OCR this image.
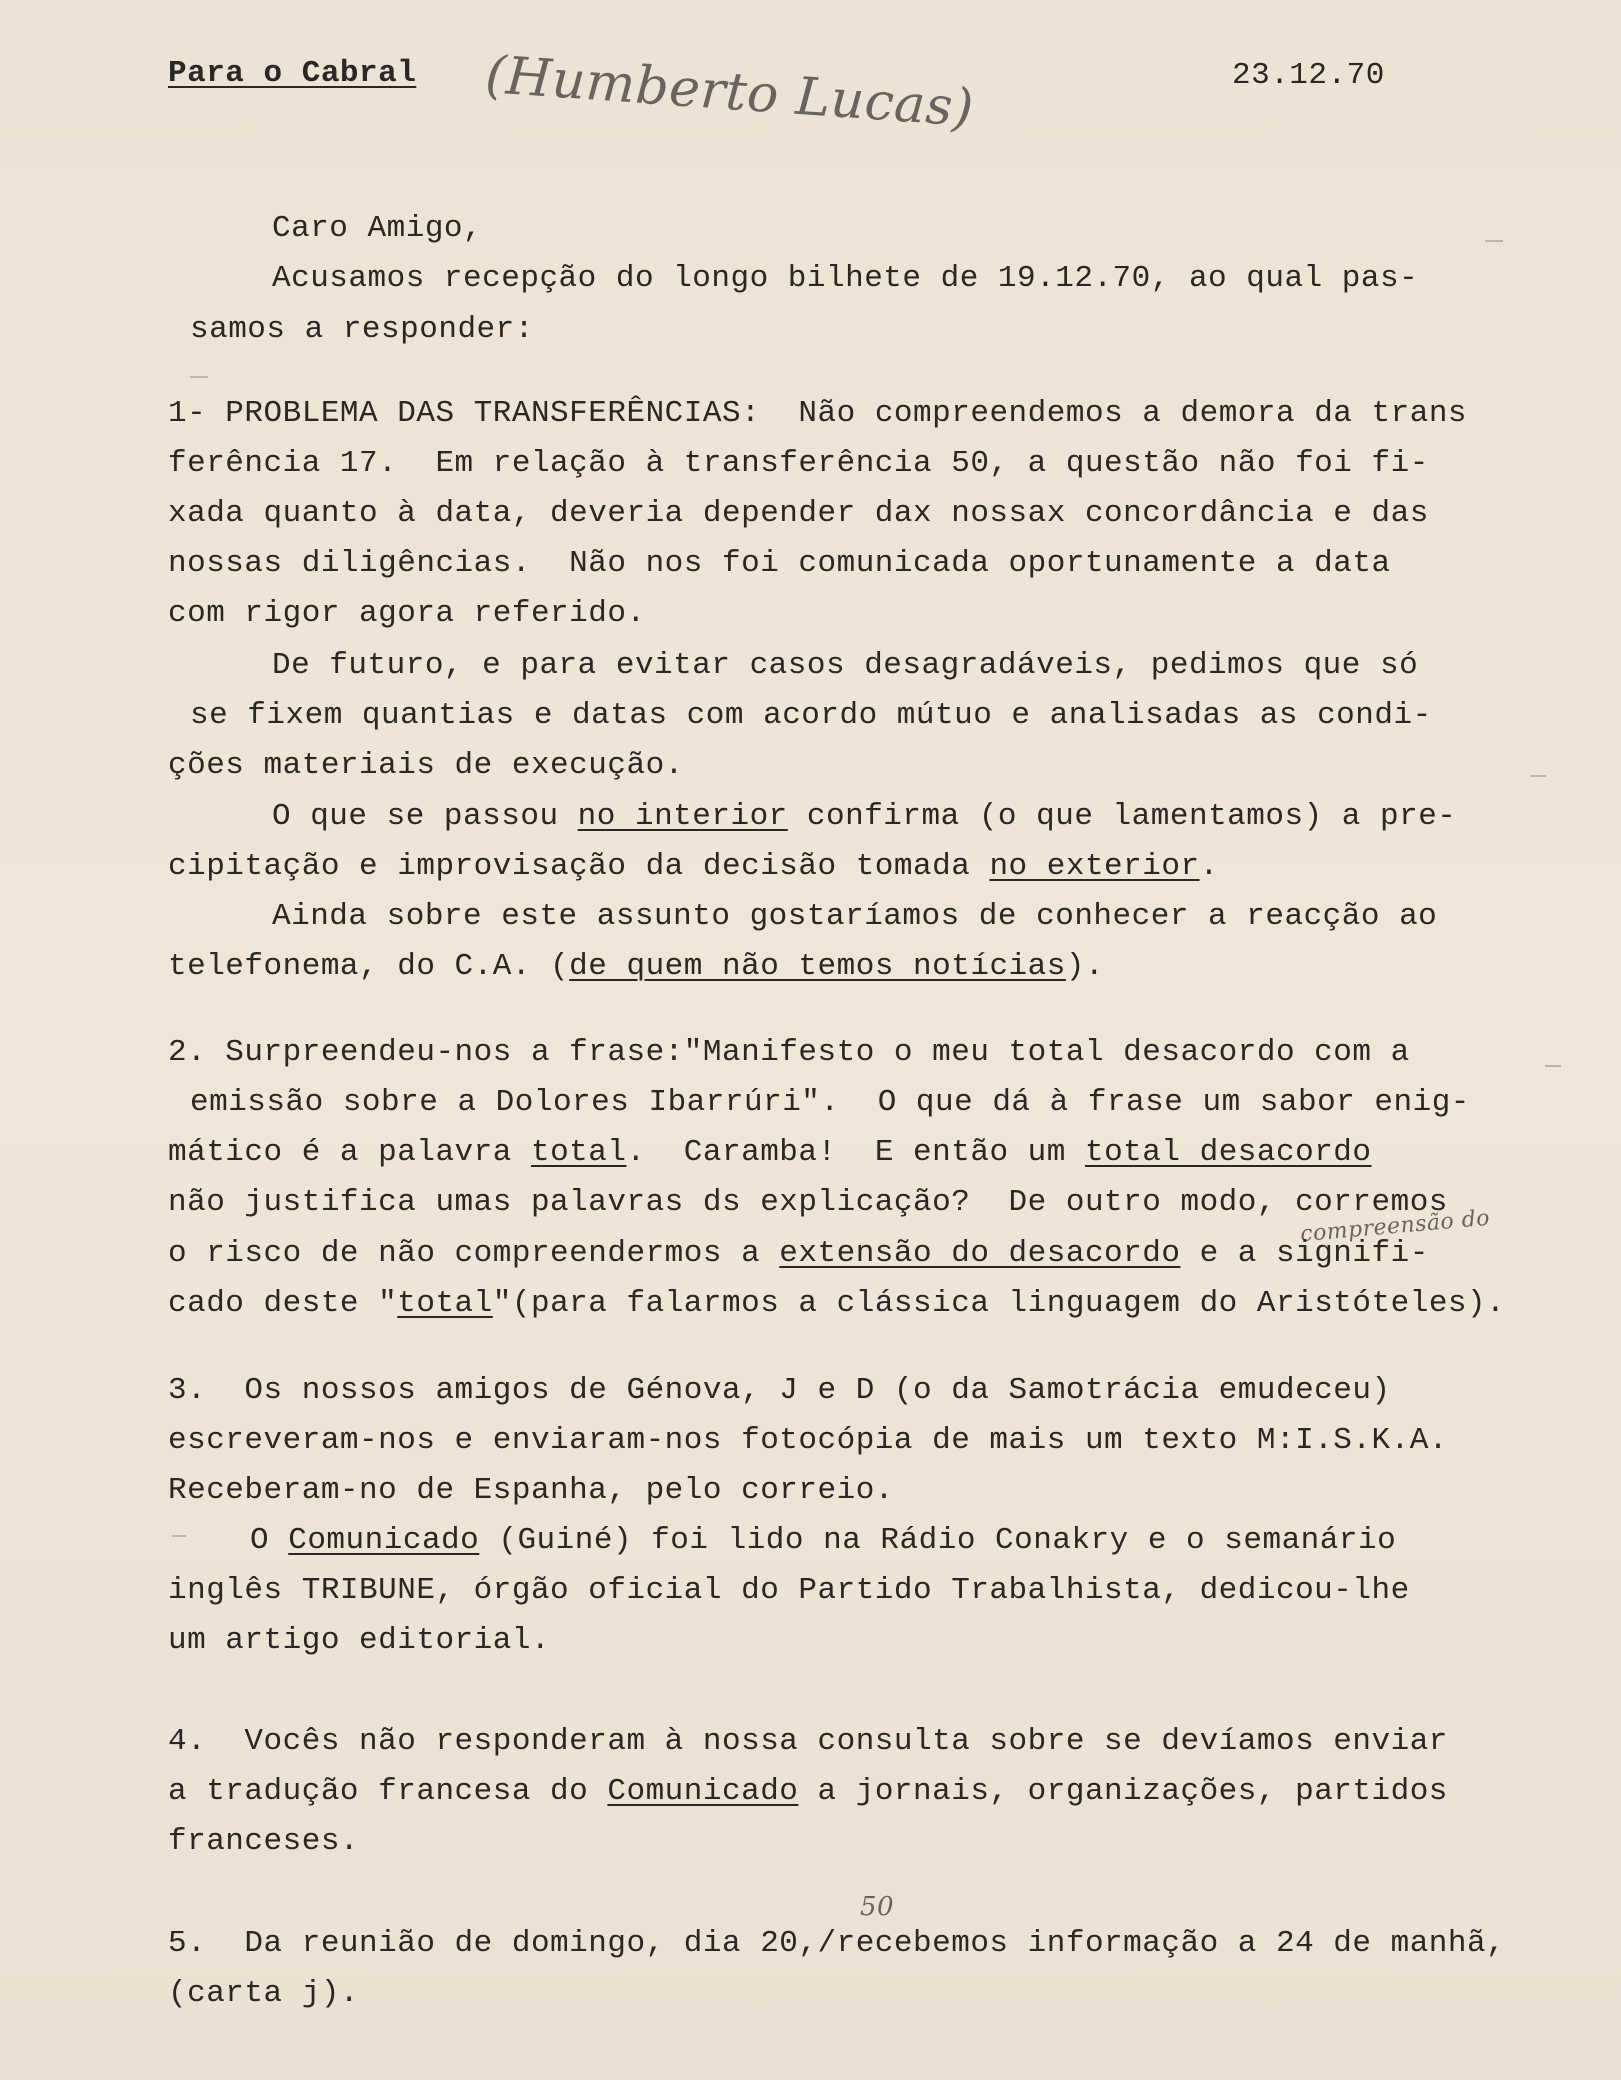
Para o Cabral (Humberto Lucas)	23.12.70
Caro Amigo,
Acusamos recepção do longo bilhete de 19.12.70, ao qual pas-
samos a responder:
1- PROBLEMA DAS TRANSFERÊNCIAS: Não compreendemos a demora da trans
ferência 17.  Em relação à transferência 50, a questão não foi fi-
xada quanto à data, deveria depender dax nossax concordância e das
nossas diligências.  Não nos foi comunicada oportunamente a data
com rigor agora referido.
De futuro, e para evitar casos desagradáveis, pedimos que só
se fixem quantias e datas com acordo mútuo e analisadas as condi-
ções materiais de execução.
O que se passou no interior confirma (o que lamentamos) a pre-
cipitação e improvisação da decisão tomada no exterior.
Ainda sobre este assunto gostaríamos de conhecer a reacção ao
telefonema, do C.A. (de quem não temos notícias).
2. Surpreendeu-nos a frase:"Manifesto o meu total desacordo com a
emissão sobre a Dolores Ibarrúri".  O que dá à frase um sabor enig-
mático é a palavra total.  Caramba!  E então um total desacordo
não justifica umas palavras ds explicação?  De outro modo, corremos
compreensão do
o risco de não compreendermos a extensão do desacordo e a signifi-
cado deste "total"(para falarmos a clássica linguagem do Aristóteles).
3.  Os nossos amigos de Génova, J e D (o da Samotrácia emudeceu)
escreveram-nos e enviaram-nos fotocópia de mais um texto M:I.S.K.A.
Receberam-no de Espanha, pelo correio.
O Comunicado (Guiné) foi lido na Rádio Conakry e o semanário
inglês TRIBUNE, órgão oficial do Partido Trabalhista, dedicou-lhe
um artigo editorial.
4.  Vocês não responderam à nossa consulta sobre se devíamos enviar
a tradução francesa do Comunicado a jornais, organizações, partidos
franceses.
50
5.  Da reunião de domingo, dia 20,/recebemos informação a 24 de manhã,
(carta j).
